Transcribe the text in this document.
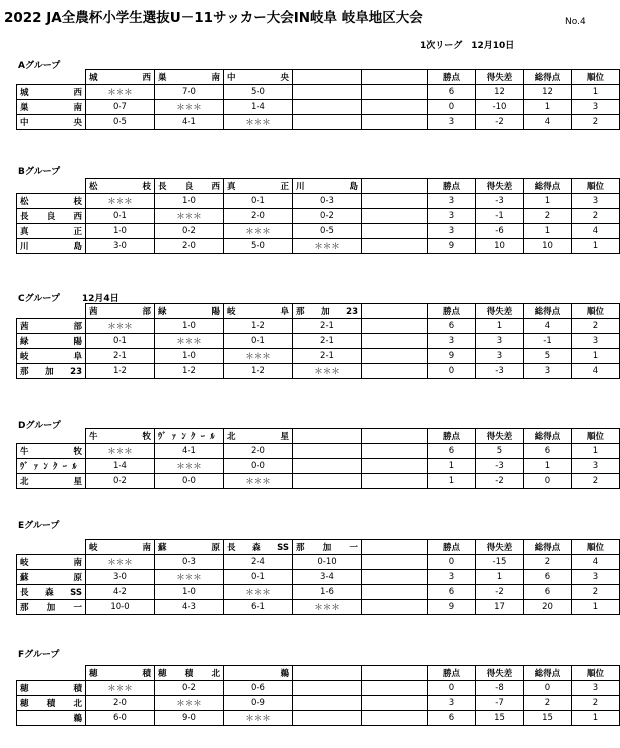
2022 JA全農杯小学生選抜U－11サッカー大会IN岐阜 岐阜地区大会	No.4
1次リーグ　12月10日
Aグループ

	城　　西	巣　　南	中　　央			勝点	得失差	総得点	順位

城　　西	＊＊＊	7-0	5-0			6	12	12	1

巣　　南	0-7	＊＊＊	1-4			0	-10	1	3

中　　央	0-5	4-1	＊＊＊			3	-2	4	2
Bグループ

	松　　枝	長 良 西	真　　正	川　　島		勝点	得失差	総得点	順位

松　　枝	＊＊＊	1-0	0-1	0-3		3	-3	1	3

長 良 西	0-1	＊＊＊	2-0	0-2		3	-1	2	2

真　　正	1-0	0-2	＊＊＊	0-5		3	-6	1	4

川　　島	3-0	2-0	5-0	＊＊＊		9	10	10	1
Cグループ 12月4日

	茜　　部	緑　　陽	岐　　阜	那 加 23		勝点	得失差	総得点	順位

茜　　部	＊＊＊	1-0	1-2	2-1		6	1	4	2

緑　　陽	0-1	＊＊＊	0-1	2-1		3	3	-1	3

岐　　阜	2-1	1-0	＊＊＊	2-1		9	3	5	1

那 加 23	1-2	1-2	1-2	＊＊＊		0	-3	3	4
Dグループ

	牛　　牧	ｳﾞｧﾝｸｰﾙ	北　　星			勝点	得失差	総得点	順位

牛　　牧	＊＊＊	4-1	2-0			6	5	6	1

ｳﾞｧﾝｸｰﾙ	1-4	＊＊＊	0-0			1	-3	1	3

北　　星	0-2	0-0	＊＊＊			1	-2	0	2
Eグループ

	岐　　南	蘇　　原	長 森 SS	那 加 一		勝点	得失差	総得点	順位

岐　　南	＊＊＊	0-3	2-4	0-10		0	-15	2	4

蘇　　原	3-0	＊＊＊	0-1	3-4		3	1	6	3

長 森 SS	4-2	1-0	＊＊＊	1-6		6	-2	6	2

那 加 一	10-0	4-3	6-1	＊＊＊		9	17	20	1
Fグループ

	穂　　積	穂 積 北	　　鵜			勝点	得失差	総得点	順位

穂　　積	＊＊＊	0-2	0-6			0	-8	0	3

穂 積 北	2-0	＊＊＊	0-9			3	-7	2	2

　　鵜	6-0	9-0	＊＊＊			6	15	15	1
